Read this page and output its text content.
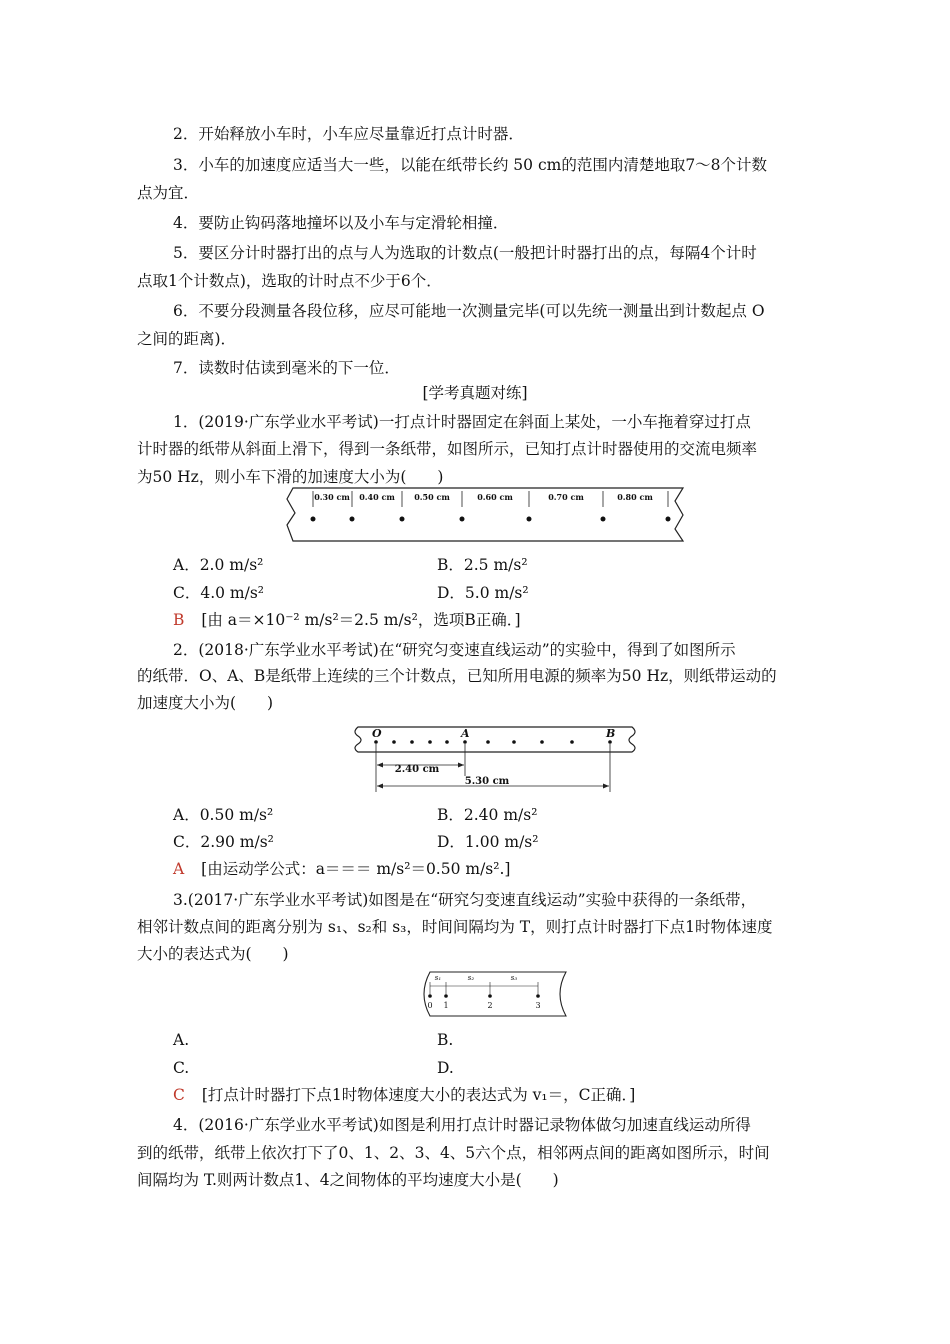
2．开始释放小车时，小车应尽量靠近打点计时器．
3．小车的加速度应适当大一些，以能在纸带长约 50 cm的范围内清楚地取7～8个计数
点为宜．
4．要防止钩码落地撞坏以及小车与定滑轮相撞．
5．要区分计时器打出的点与人为选取的计数点(一般把计时器打出的点，每隔4个计时
点取1个计数点)，选取的计时点不少于6个．
6．不要分段测量各段位移，应尽可能地一次测量完毕(可以先统一测量出到计数起点 O
之间的距离)．
7．读数时估读到毫米的下一位．
[学考真题对练]
1．(2019·广东学业水平考试)一打点计时器固定在斜面上某处，一小车拖着穿过打点
计时器的纸带从斜面上滑下，得到一条纸带，如图所示，已知打点计时器使用的交流电频率
为50 Hz，则小车下滑的加速度大小为(　　)
0.30 cm 0.40 cm 0.50 cm	0.60 cm	0.70 cm	0.80 cm
A．2.0 m/s²	B．2.5 m/s²
C．4.0 m/s²	D．5.0 m/s²
B [由 a＝×10⁻² m/s²＝2.5 m/s²，选项B正确．]
2．(2018·广东学业水平考试)在“研究匀变速直线运动”的实验中，得到了如图所示
的纸带．O、A、B是纸带上连续的三个计数点，已知所用电源的频率为50 Hz，则纸带运动的
加速度大小为(　　)
O	A	B
2.40 cm
5.30 cm
A．0.50 m/s²	B．2.40 m/s²
C．2.90 m/s²	D．1.00 m/s²
A [由运动学公式：a＝＝＝ m/s²＝0.50 m/s².]
3.(2017·广东学业水平考试)如图是在“研究匀变速直线运动”实验中获得的一条纸带，
相邻计数点间的距离分别为 s₁、s₂和 s₃，时间间隔均为 T，则打点计时器打下点1时物体速度
大小的表达式为(　　)
s₁	s₂	s₃
0 1	2	3
A.	B.
C.	D.
C [打点计时器打下点1时物体速度大小的表达式为 v₁＝，C正确．]
4．(2016·广东学业水平考试)如图是利用打点计时器记录物体做匀加速直线运动所得
到的纸带，纸带上依次打下了0、1、2、3、4、5六个点，相邻两点间的距离如图所示，时间
间隔均为 T.则两计数点1、4之间物体的平均速度大小是(　　)
